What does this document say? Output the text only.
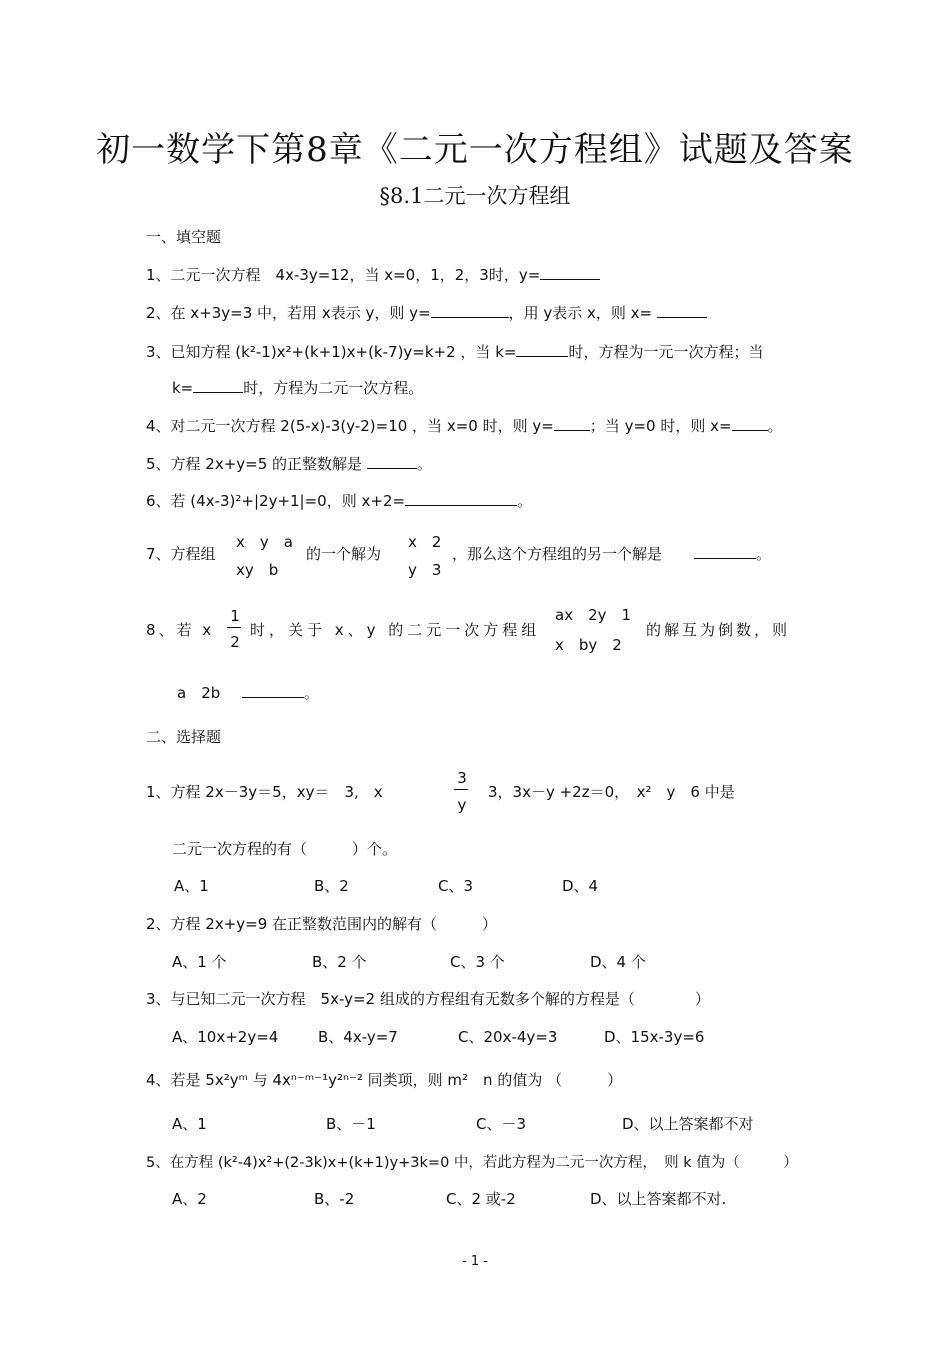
初一数学下第8章《二元一次方程组》试题及答案
§8.1二元一次方程组
一、填空题
1、二元一次方程　4x-3y=12，当 x=0，1，2，3时，y=
2、在 x+3y=3 中，若用 x表示 y，则 y=	，用 y表示 x，则 x=
3、已知方程 (k²-1)x²+(k+1)x+(k-7)y=k+2 ，当 k=	时，方程为一元一次方程；当
k=	时，方程为二元一次方程。
4、对二元一次方程 2(5-x)-3(y-2)=10 ，当 x=0 时，则 y= ；当 y=0 时，则 x= 。
5、方程 2x+y=5 的正整数解是	。
6、若 (4x-3)²+|2y+1|=0，则 x+2=	。
7、方程组
x　y　a
xy　b
的一个解为
x　2
y　3
，那么这个方程组的另一个解是	。
8、若 x
1
2
时，关于 x、y 的二元一次方程组
ax　2y　1
x　by　2
的解互为倒数，则
a　2b	。
二、选择题
1、方程 2x－3y＝5，xy＝　3,　x
3
y
3，3x－y +2z＝0，　x²　y　6 中是
二元一次方程的有（　　　）个。
A、1	B、2	C、3	D、4
2、方程 2x+y=9 在正整数范围内的解有（　　　）
A、1 个	B、2 个	C、3 个	D、4 个
3、与已知二元一次方程　5x-y=2 组成的方程组有无数多个解的方程是（　　　　）
A、10x+2y=4	B、4x-y=7	C、20x-4y=3	D、15x-3y=6
4、若是 5x²yᵐ 与 4xⁿ⁻ᵐ⁻¹y²ⁿ⁻² 同类项，则 m²　n 的值为 （　　　）
A、1	B、－1	C、－3	D、以上答案都不对
5、在方程 (k²-4)x²+(2-3k)x+(k+1)y+3k=0 中，若此方程为二元一次方程，　则 k 值为（　　　）
A、2	B、-2	C、2 或-2	D、以上答案都不对.
- 1 -
